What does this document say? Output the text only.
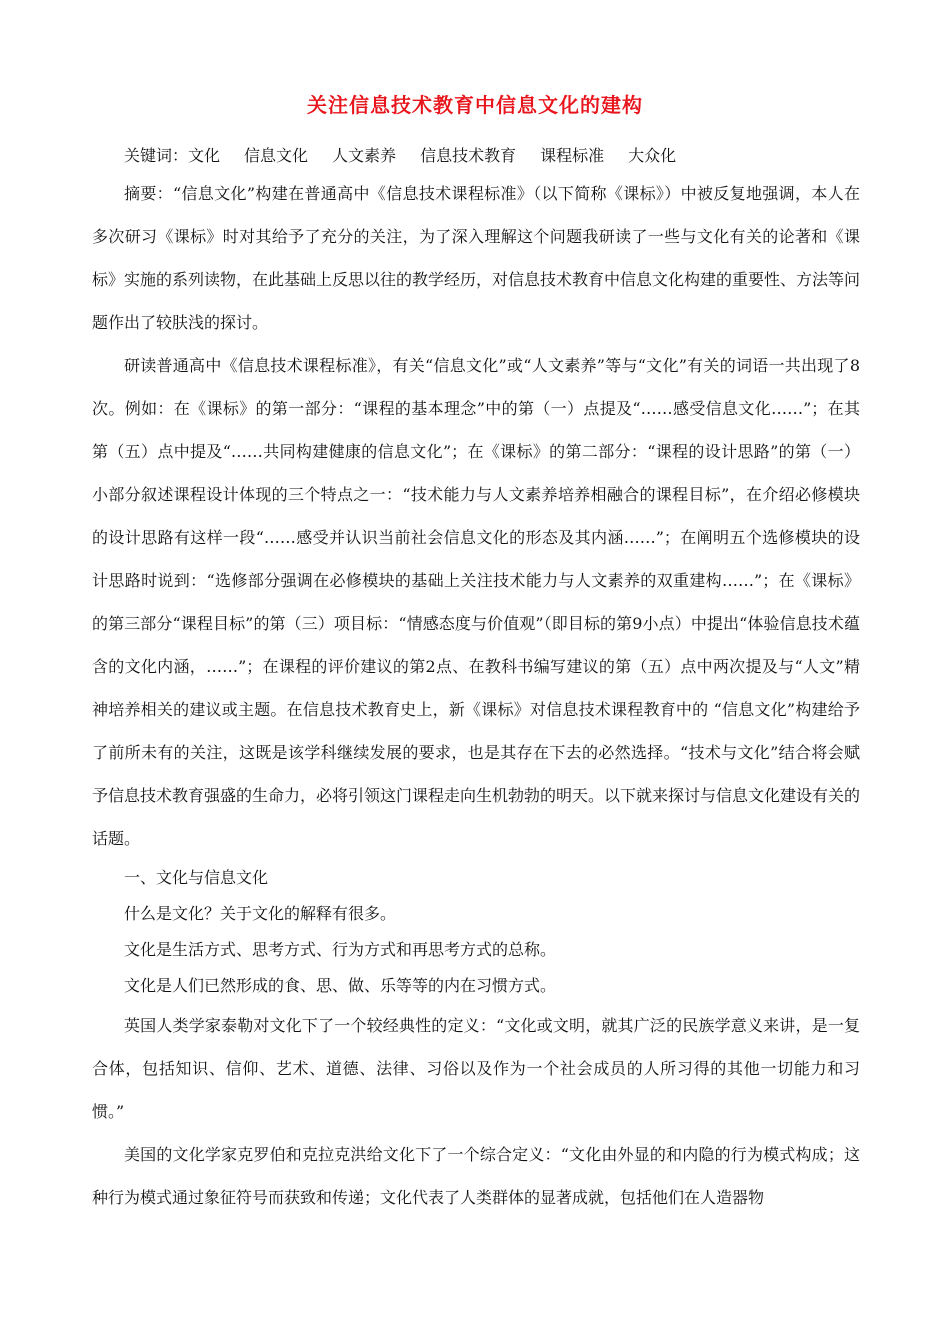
关注信息技术教育中信息文化的建构

关键词：文化 信息文化 人文素养 信息技术教育 课程标准 大众化

摘要：“信息文化”构建在普通高中《信息技术课程标准》（以下简称《课标》）中被反复地强调，本人在多次研习《课标》时对其给予了充分的关注，为了深入理解这个问题我研读了一些与文化有关的论著和《课标》实施的系列读物，在此基础上反思以往的教学经历，对信息技术教育中信息文化构建的重要性、方法等问题作出了较肤浅的探讨。

研读普通高中《信息技术课程标准》，有关“信息文化”或“人文素养”等与“文化”有关的词语一共出现了8次。例如：在《课标》的第一部分：“课程的基本理念”中的第（一）点提及“……感受信息文化……”；在其第（五）点中提及“……共同构建健康的信息文化”；在《课标》的第二部分：“课程的设计思路”的第（一）小部分叙述课程设计体现的三个特点之一：“技术能力与人文素养培养相融合的课程目标”，在介绍必修模块的设计思路有这样一段“……感受并认识当前社会信息文化的形态及其内涵……”；在阐明五个选修模块的设计思路时说到：“选修部分强调在必修模块的基础上关注技术能力与人文素养的双重建构……”；在《课标》的第三部分“课程目标”的第（三）项目标：“情感态度与价值观”（即目标的第9小点）中提出“体验信息技术蕴含的文化内涵，……”；在课程的评价建议的第2点、在教科书编写建议的第（五）点中两次提及与“人文”精神培养相关的建议或主题。在信息技术教育史上，新《课标》对信息技术课程教育中的 “信息文化”构建给予了前所未有的关注，这既是该学科继续发展的要求，也是其存在下去的必然选择。“技术与文化”结合将会赋予信息技术教育强盛的生命力，必将引领这门课程走向生机勃勃的明天。以下就来探讨与信息文化建设有关的话题。

一、文化与信息文化

什么是文化？关于文化的解释有很多。

文化是生活方式、思考方式、行为方式和再思考方式的总称。

文化是人们已然形成的食、思、做、乐等等的内在习惯方式。

英国人类学家泰勒对文化下了一个较经典性的定义：“文化或文明，就其广泛的民族学意义来讲，是一复合体，包括知识、信仰、艺术、道德、法律、习俗以及作为一个社会成员的人所习得的其他一切能力和习惯。”

美国的文化学家克罗伯和克拉克洪给文化下了一个综合定义：“文化由外显的和内隐的行为模式构成；这种行为模式通过象征符号而获致和传递；文化代表了人类群体的显著成就，包括他们在人造器物
